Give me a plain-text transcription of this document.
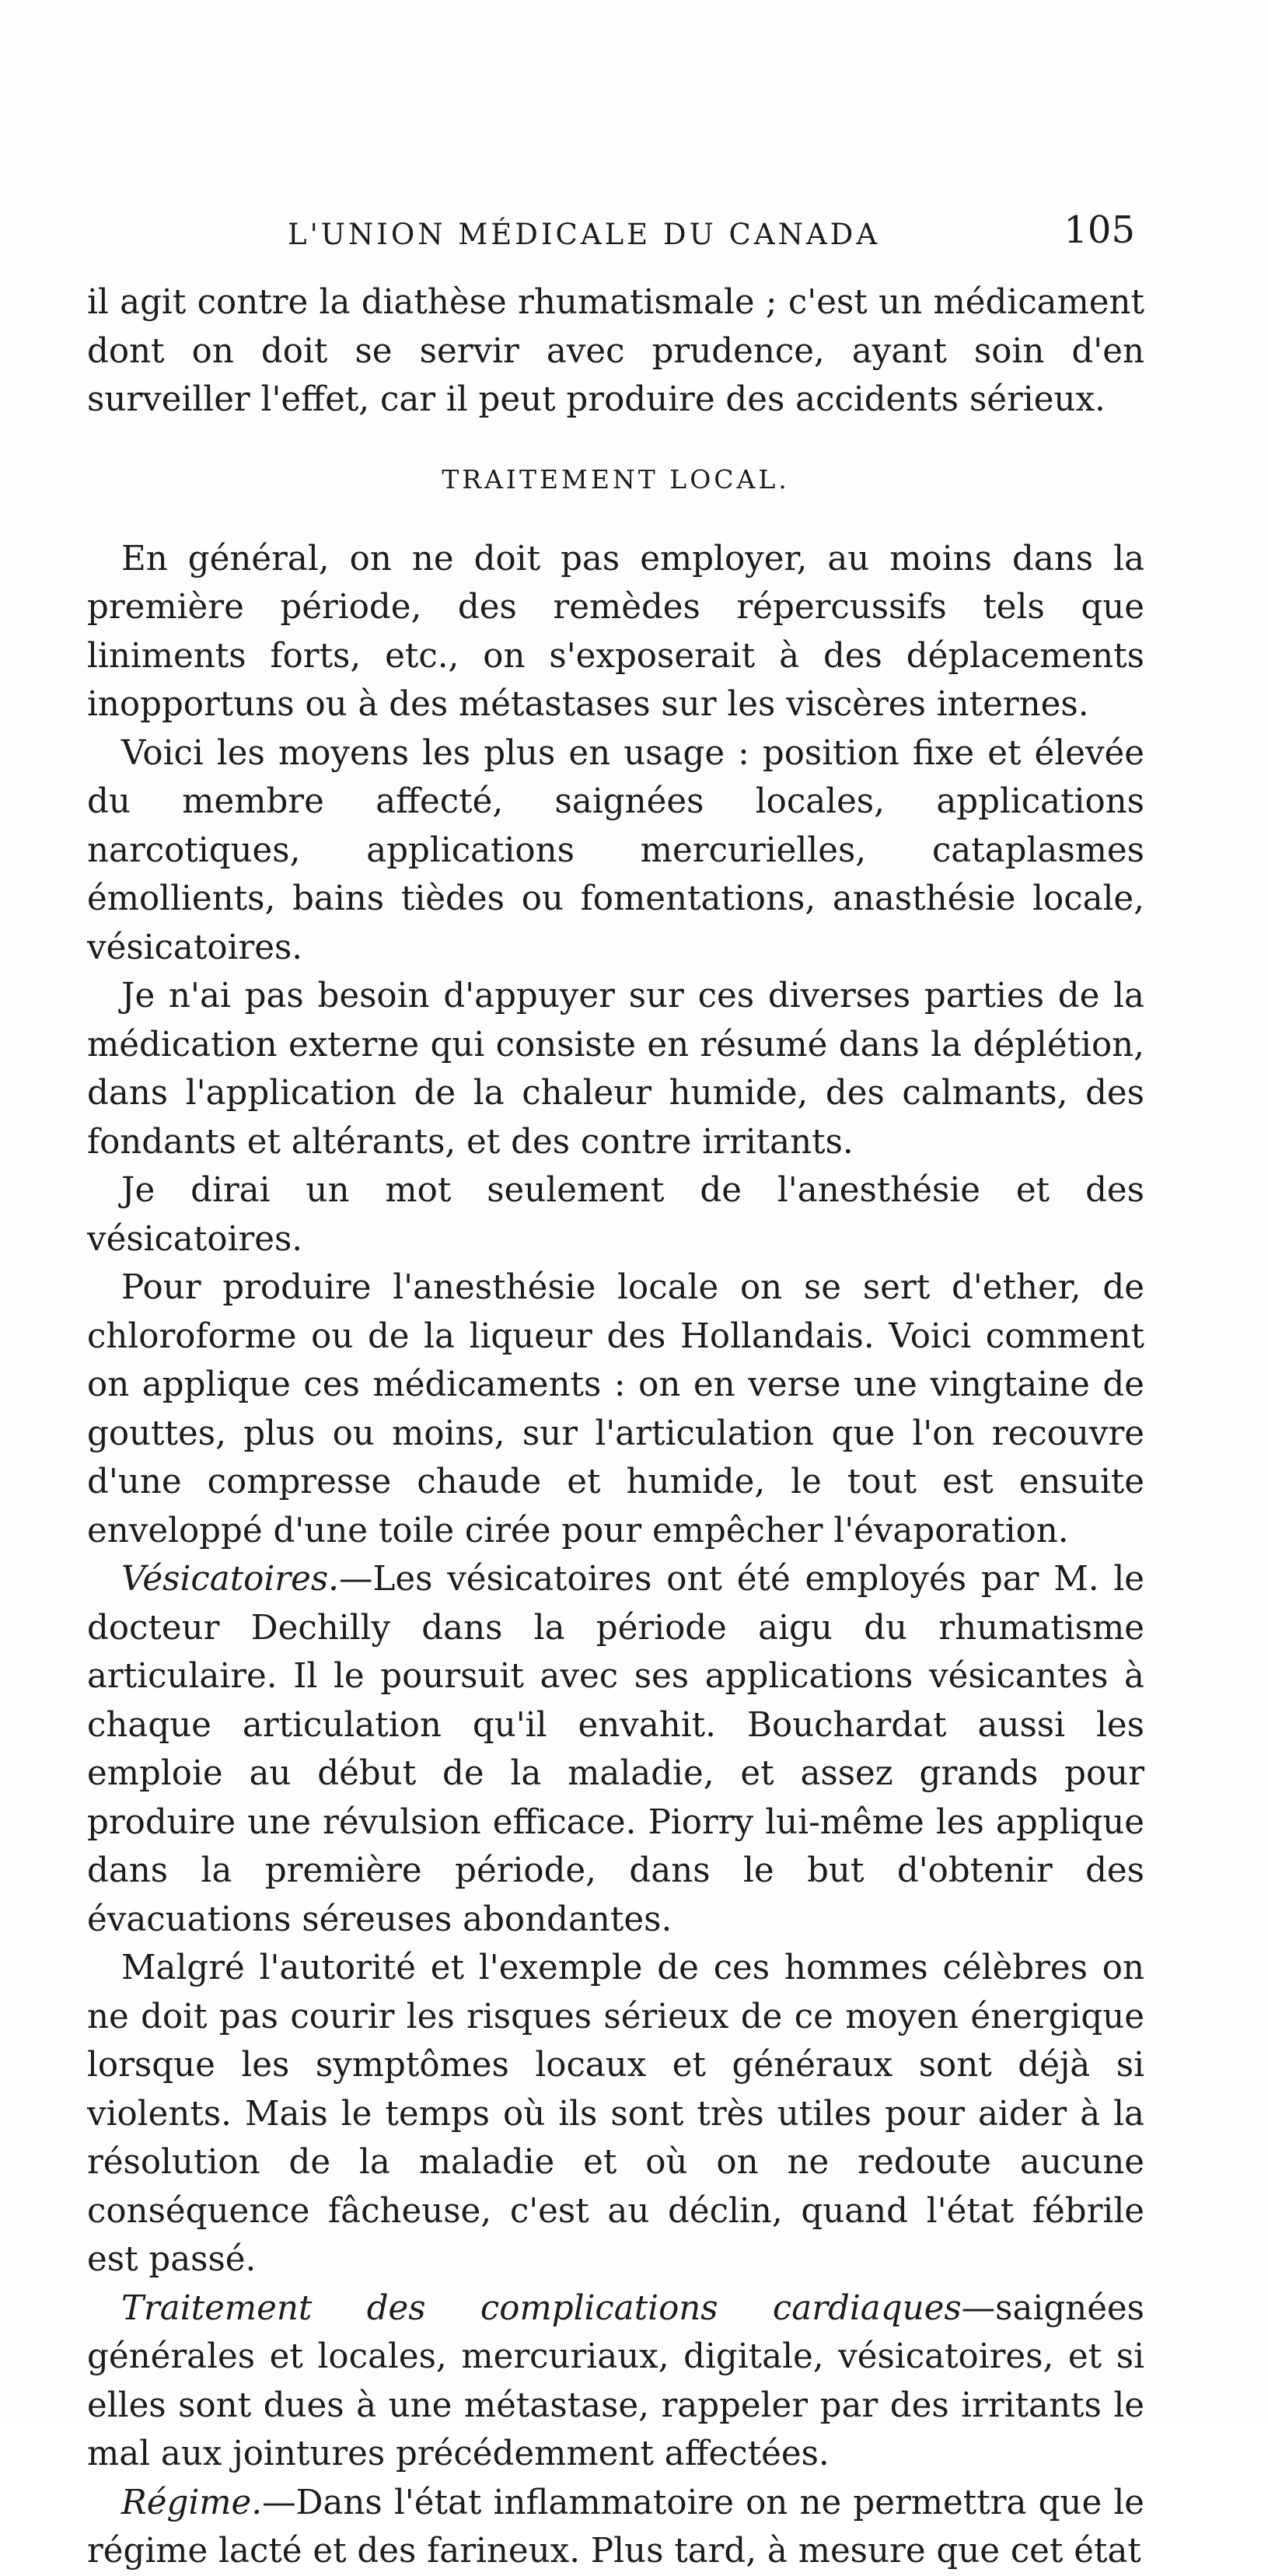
L'UNION MÉDICALE DU CANADA	105

il agit contre la diathèse rhumatismale ; c'est un médicament dont on doit se servir avec prudence, ayant soin d'en surveiller l'effet, car il peut produire des accidents sérieux.

TRAITEMENT LOCAL.

En général, on ne doit pas employer, au moins dans la première période, des remèdes répercussifs tels que liniments forts, etc., on s'exposerait à des déplacements inopportuns ou à des métastases sur les viscères internes.

Voici les moyens les plus en usage : position fixe et élevée du membre affecté, saignées locales, applications narcotiques, applications mercurielles, cataplasmes émollients, bains tièdes ou fomentations, anasthésie locale, vésicatoires.

Je n'ai pas besoin d'appuyer sur ces diverses parties de la médication externe qui consiste en résumé dans la déplétion, dans l'application de la chaleur humide, des calmants, des fondants et altérants, et des contre irritants.

Je dirai un mot seulement de l'anesthésie et des vésicatoires.

Pour produire l'anesthésie locale on se sert d'ether, de chloroforme ou de la liqueur des Hollandais. Voici comment on applique ces médicaments : on en verse une vingtaine de gouttes, plus ou moins, sur l'articulation que l'on recouvre d'une compresse chaude et humide, le tout est ensuite enveloppé d'une toile cirée pour empêcher l'évaporation.

Vésicatoires.—Les vésicatoires ont été employés par M. le docteur Dechilly dans la période aigu du rhumatisme articulaire. Il le poursuit avec ses applications vésicantes à chaque articulation qu'il envahit. Bouchardat aussi les emploie au début de la maladie, et assez grands pour produire une révulsion efficace. Piorry lui-même les applique dans la première période, dans le but d'obtenir des évacuations séreuses abondantes.

Malgré l'autorité et l'exemple de ces hommes célèbres on ne doit pas courir les risques sérieux de ce moyen énergique lorsque les symptômes locaux et généraux sont déjà si violents. Mais le temps où ils sont très utiles pour aider à la résolution de la maladie et où on ne redoute aucune conséquence fâcheuse, c'est au déclin, quand l'état fébrile est passé.

Traitement des complications cardiaques—saignées générales et locales, mercuriaux, digitale, vésicatoires, et si elles sont dues à une métastase, rappeler par des irritants le mal aux jointures précédemment affectées.

Régime.—Dans l'état inflammatoire on ne permettra que le régime lacté et des farineux. Plus tard, à mesure que cet état
